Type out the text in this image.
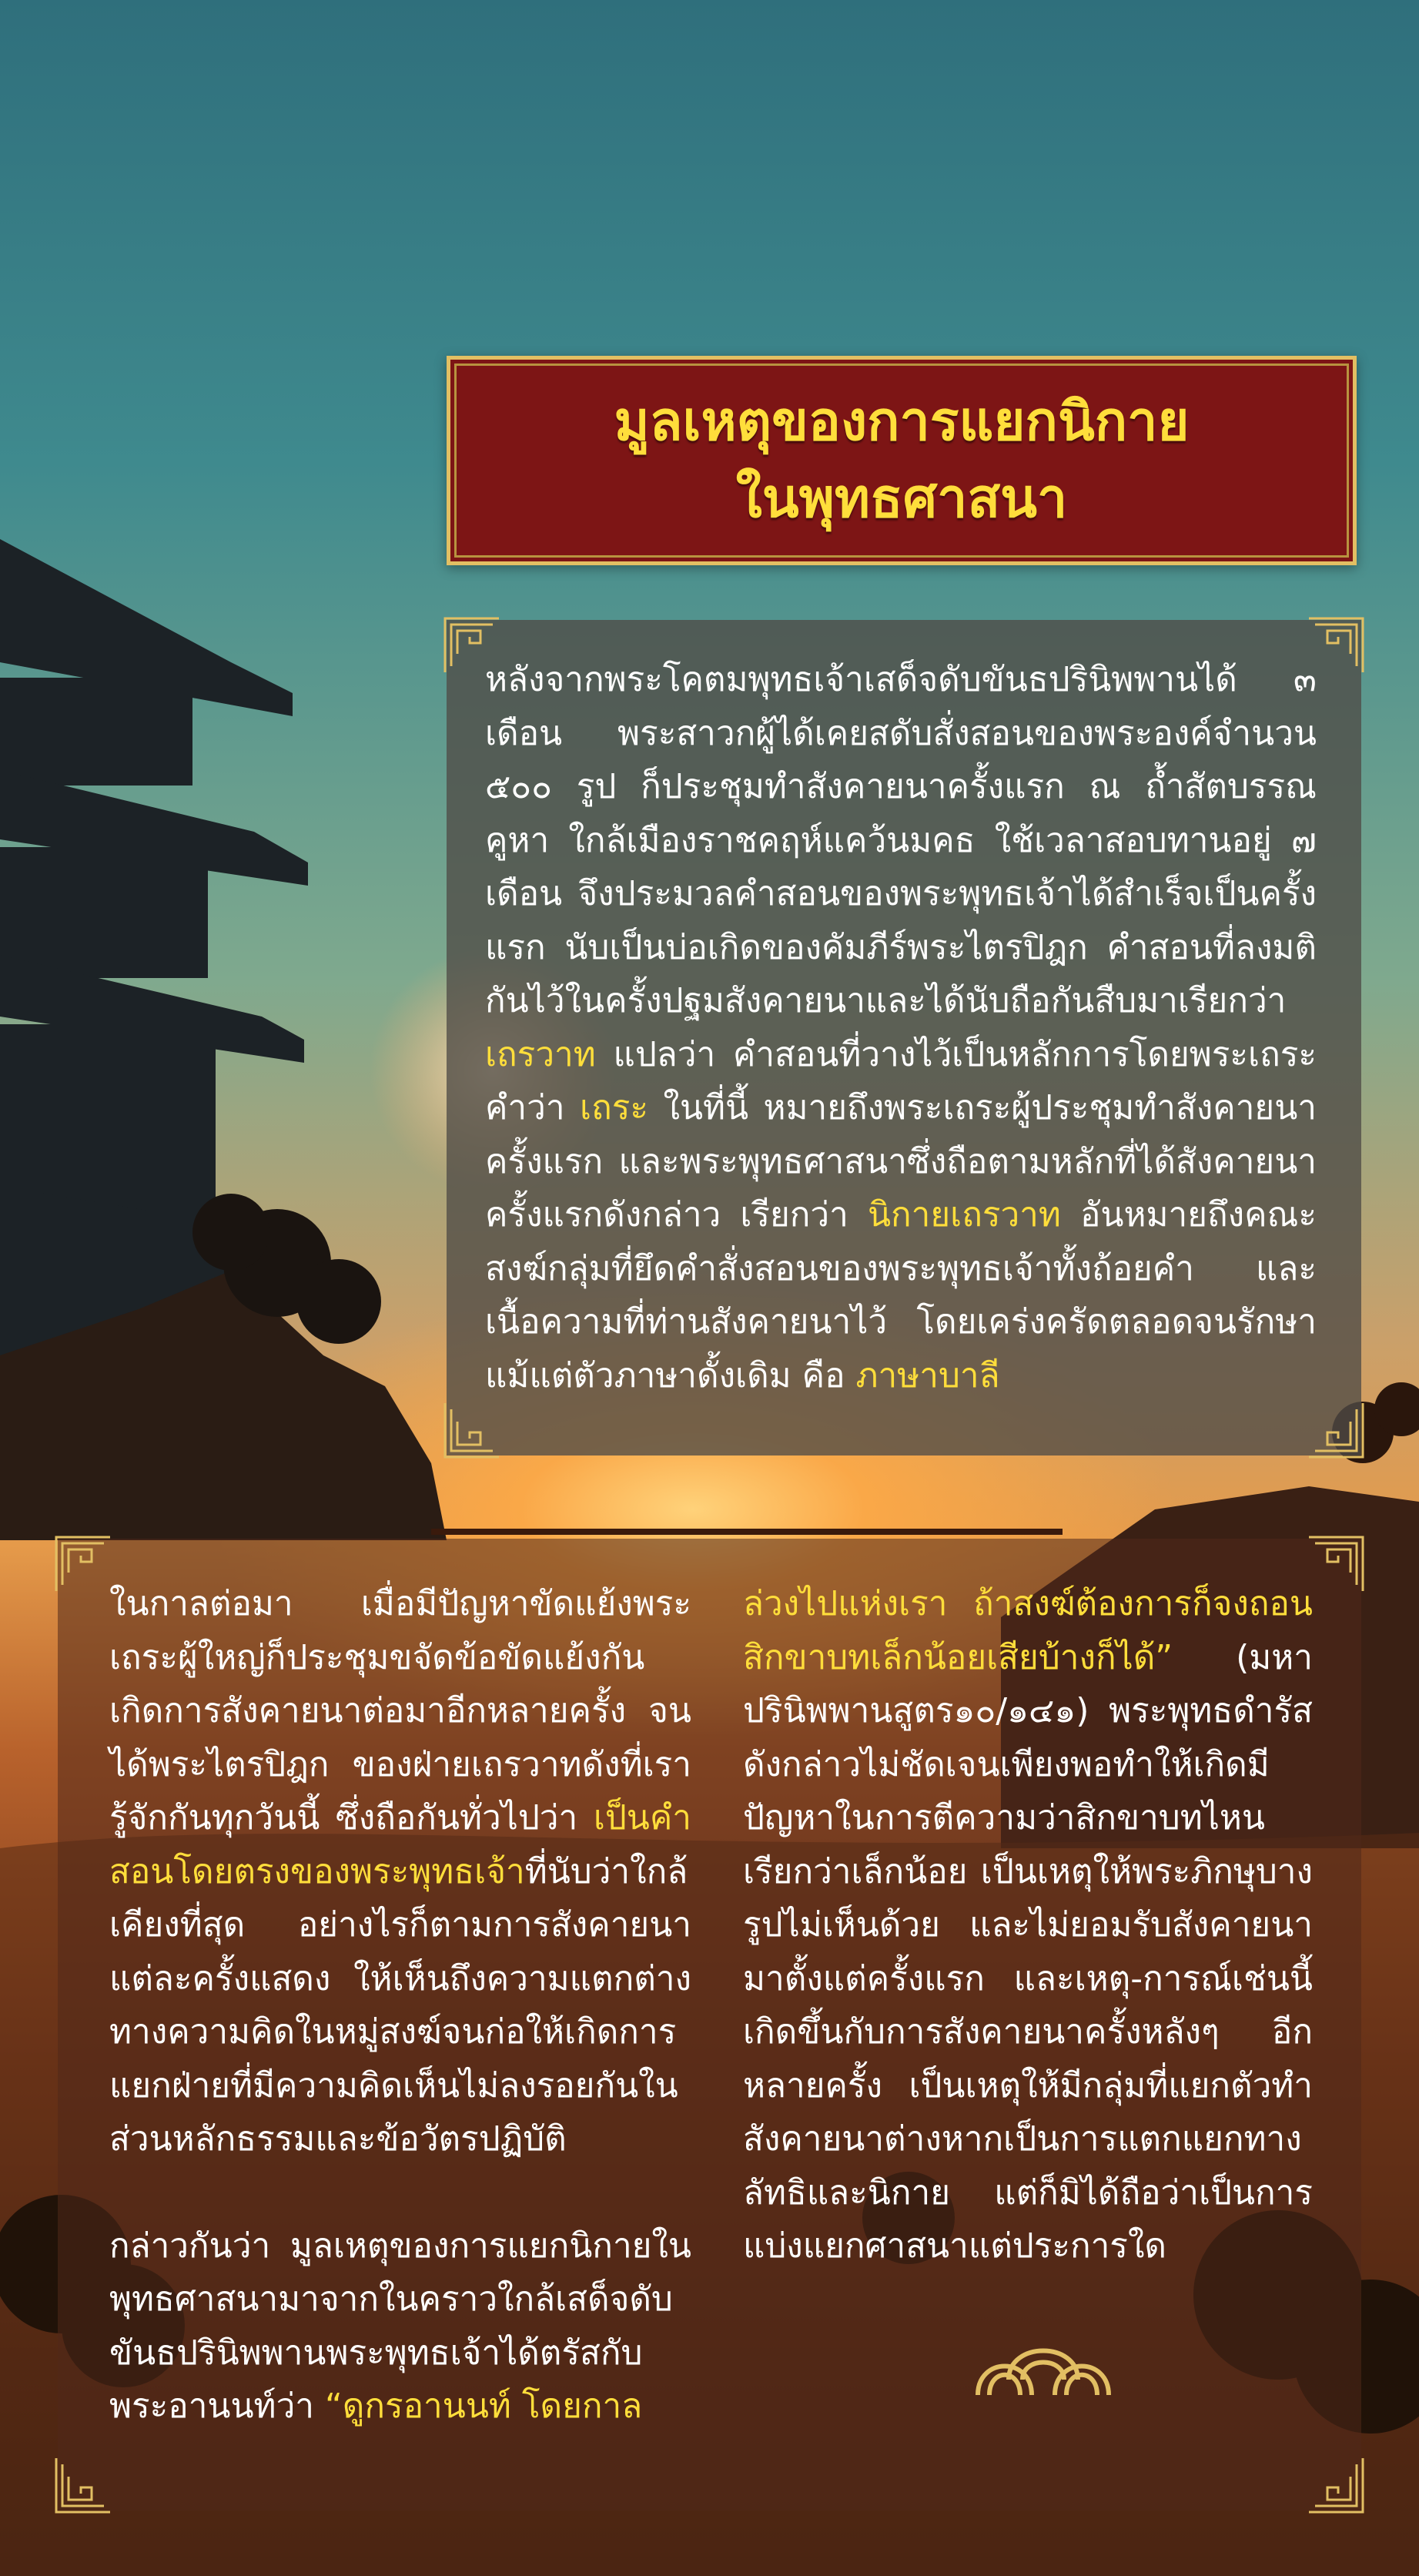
มูลเหตุของการแยกนิกาย
ในพุทธศาสนา

หลังจากพระโคตมพุทธเจ้าเสด็จดับขันธปรินิพพานได้ ๓ เดือน พระสาวกผู้ได้เคยสดับสั่งสอนของพระองค์จำนวน ๕๐๐ รูป ก็ประชุมทำสังคายนาครั้งแรก ณ ถ้ำสัตบรรณคูหา ใกล้เมืองราชคฤห์แคว้นมคธ ใช้เวลาสอบทานอยู่ ๗ เดือน จึงประมวลคำสอนของพระพุทธเจ้าได้สำเร็จเป็นครั้ง แรก นับเป็นบ่อเกิดของคัมภีร์พระไตรปิฎก คำสอนที่ลงมติกันไว้ในครั้งปฐมสังคายนาและได้นับถือกันสืบมาเรียกว่า เถรวาท แปลว่า คำสอนที่วางไว้เป็นหลักการโดยพระเถระ คำว่า เถระ ในที่นี้ หมายถึงพระเถระผู้ประชุมทำสังคายนาครั้งแรก และพระพุทธศาสนาซึ่งถือตามหลักที่ได้สังคายนาครั้งแรกดังกล่าว เรียกว่า นิกายเถรวาท อันหมายถึงคณะสงฆ์กลุ่มที่ยึดคำสั่งสอนของพระพุทธเจ้าทั้งถ้อยคำ และเนื้อความที่ท่านสังคายนาไว้ โดยเคร่งครัดตลอดจนรักษาแม้แต่ตัวภาษาดั้งเดิม คือ ภาษาบาลี

ในกาลต่อมา เมื่อมีปัญหาขัดแย้งพระเถระผู้ใหญ่ก็ประชุมขจัดข้อขัดแย้งกัน เกิดการสังคายนาต่อมาอีกหลายครั้ง จนได้พระไตรปิฎก ของฝ่ายเถรวาทดังที่เรารู้จักกันทุกวันนี้ ซึ่งถือกันทั่วไปว่า เป็นคำสอนโดยตรงของพระพุทธเจ้าที่นับว่าใกล้เคียงที่สุด อย่างไรก็ตามการสังคายนาแต่ละครั้งแสดง ให้เห็นถึงความแตกต่างทางความคิดในหมู่สงฆ์จนก่อให้เกิดการแยกฝ่ายที่มีความคิดเห็นไม่ลงรอยกันในส่วนหลักธรรมและข้อวัตรปฏิบัติ

กล่าวกันว่า มูลเหตุของการแยกนิกายในพุทธศาสนามาจากในคราวใกล้เสด็จดับขันธปรินิพพานพระพุทธเจ้าได้ตรัสกับพระอานนท์ว่า “ดูกรอานนท์ โดยกาล

ล่วงไปแห่งเรา ถ้าสงฆ์ต้องการก็จงถอนสิกขาบทเล็กน้อยเสียบ้างก็ได้” (มหาปรินิพพานสูตร๑๐/๑๔๑) พระพุทธดำรัสดังกล่าวไม่ชัดเจนเพียงพอทำให้เกิดมีปัญหาในการตีความว่าสิกขาบทไหนเรียกว่าเล็กน้อย เป็นเหตุให้พระภิกษุบางรูปไม่เห็นด้วย และไม่ยอมรับสังคายนามาตั้งแต่ครั้งแรก และเหตุ-การณ์เช่นนี้ เกิดขึ้นกับการสังคายนาครั้งหลังๆ อีกหลายครั้ง เป็นเหตุให้มีกลุ่มที่แยกตัวทำสังคายนาต่างหากเป็นการแตกแยกทางลัทธิและนิกาย แต่ก็มิได้ถือว่าเป็นการแบ่งแยกศาสนาแต่ประการใด
